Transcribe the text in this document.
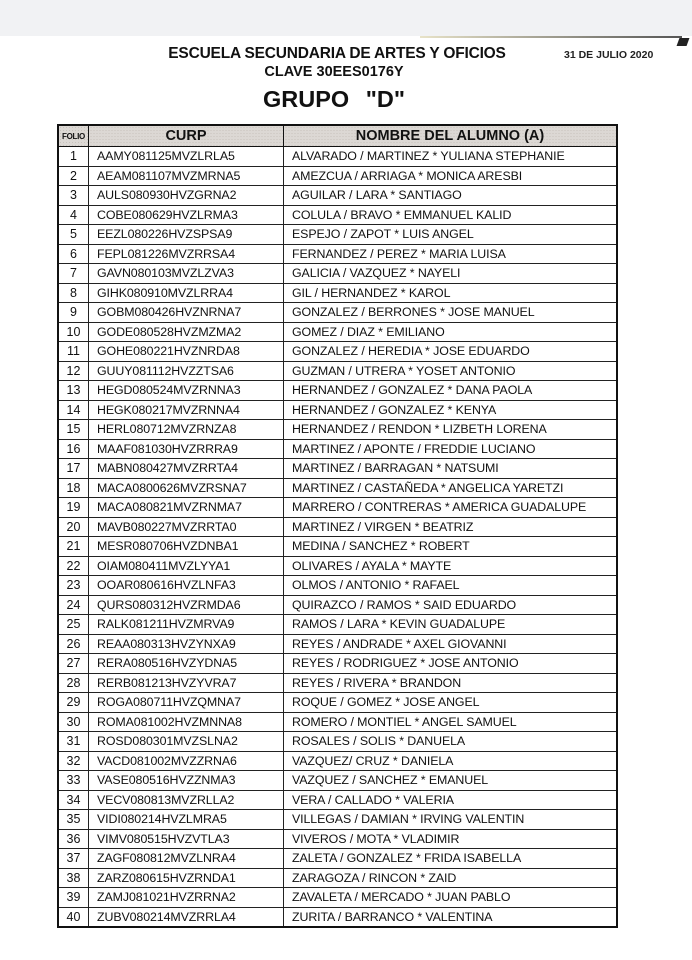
ESCUELA SECUNDARIA DE ARTES Y OFICIOS	31 DE JULIO 2020
CLAVE 30EES0176Y
GRUPO "D"
FOLIO	CURP	NOMBRE DEL ALUMNO (A)
1	AAMY081125MVZLRLA5	ALVARADO / MARTINEZ * YULIANA STEPHANIE
2	AEAM081107MVZMRNA5	AMEZCUA / ARRIAGA * MONICA ARESBI
3	AULS080930HVZGRNA2	AGUILAR / LARA * SANTIAGO
4	COBE080629HVZLRMA3	COLULA / BRAVO * EMMANUEL KALID
5	EEZL080226HVZSPSA9	ESPEJO / ZAPOT * LUIS ANGEL
6	FEPL081226MVZRRSA4	FERNANDEZ / PEREZ * MARIA LUISA
7	GAVN080103MVZLZVA3	GALICIA / VAZQUEZ * NAYELI
8	GIHK080910MVZLRRA4	GIL / HERNANDEZ * KAROL
9	GOBM080426HVZNRNA7	GONZALEZ / BERRONES * JOSE MANUEL
10	GODE080528HVZMZMA2	GOMEZ / DIAZ * EMILIANO
11	GOHE080221HVZNRDA8	GONZALEZ / HEREDIA * JOSE EDUARDO
12	GUUY081112HVZZTSA6	GUZMAN / UTRERA * YOSET ANTONIO
13	HEGD080524MVZRNNA3	HERNANDEZ / GONZALEZ * DANA PAOLA
14	HEGK080217MVZRNNA4	HERNANDEZ / GONZALEZ * KENYA
15	HERL080712MVZRNZA8	HERNANDEZ / RENDON * LIZBETH LORENA
16	MAAF081030HVZRRRA9	MARTINEZ / APONTE / FREDDIE LUCIANO
17	MABN080427MVZRRTA4	MARTINEZ / BARRAGAN * NATSUMI
18	MACA0800626MVZRSNA7	MARTINEZ / CASTAÑEDA * ANGELICA YARETZI
19	MACA080821MVZRNMA7	MARRERO / CONTRERAS * AMERICA GUADALUPE
20	MAVB080227MVZRRTA0	MARTINEZ / VIRGEN * BEATRIZ
21	MESR080706HVZDNBA1	MEDINA / SANCHEZ * ROBERT
22	OIAM080411MVZLYYA1	OLIVARES / AYALA * MAYTE
23	OOAR080616HVZLNFA3	OLMOS / ANTONIO * RAFAEL
24	QURS080312HVZRMDA6	QUIRAZCO / RAMOS * SAID EDUARDO
25	RALK081211HVZMRVA9	RAMOS / LARA * KEVIN GUADALUPE
26	REAA080313HVZYNXA9	REYES / ANDRADE * AXEL GIOVANNI
27	RERA080516HVZYDNA5	REYES / RODRIGUEZ * JOSE ANTONIO
28	RERB081213HVZYVRA7	REYES / RIVERA * BRANDON
29	ROGA080711HVZQMNA7	ROQUE / GOMEZ * JOSE ANGEL
30	ROMA081002HVZMNNA8	ROMERO / MONTIEL * ANGEL SAMUEL
31	ROSD080301MVZSLNA2	ROSALES / SOLIS * DANUELA
32	VACD081002MVZZRNA6	VAZQUEZ/ CRUZ * DANIELA
33	VASE080516HVZZNMA3	VAZQUEZ / SANCHEZ * EMANUEL
34	VECV080813MVZRLLA2	VERA / CALLADO * VALERIA
35	VIDI080214HVZLMRA5	VILLEGAS / DAMIAN * IRVING VALENTIN
36	VIMV080515HVZVTLA3	VIVEROS / MOTA * VLADIMIR
37	ZAGF080812MVZLNRA4	ZALETA / GONZALEZ * FRIDA ISABELLA
38	ZARZ080615HVZRNDA1	ZARAGOZA / RINCON * ZAID
39	ZAMJ081021HVZRRNA2	ZAVALETA / MERCADO * JUAN PABLO
40	ZUBV080214MVZRRLA4	ZURITA / BARRANCO * VALENTINA
